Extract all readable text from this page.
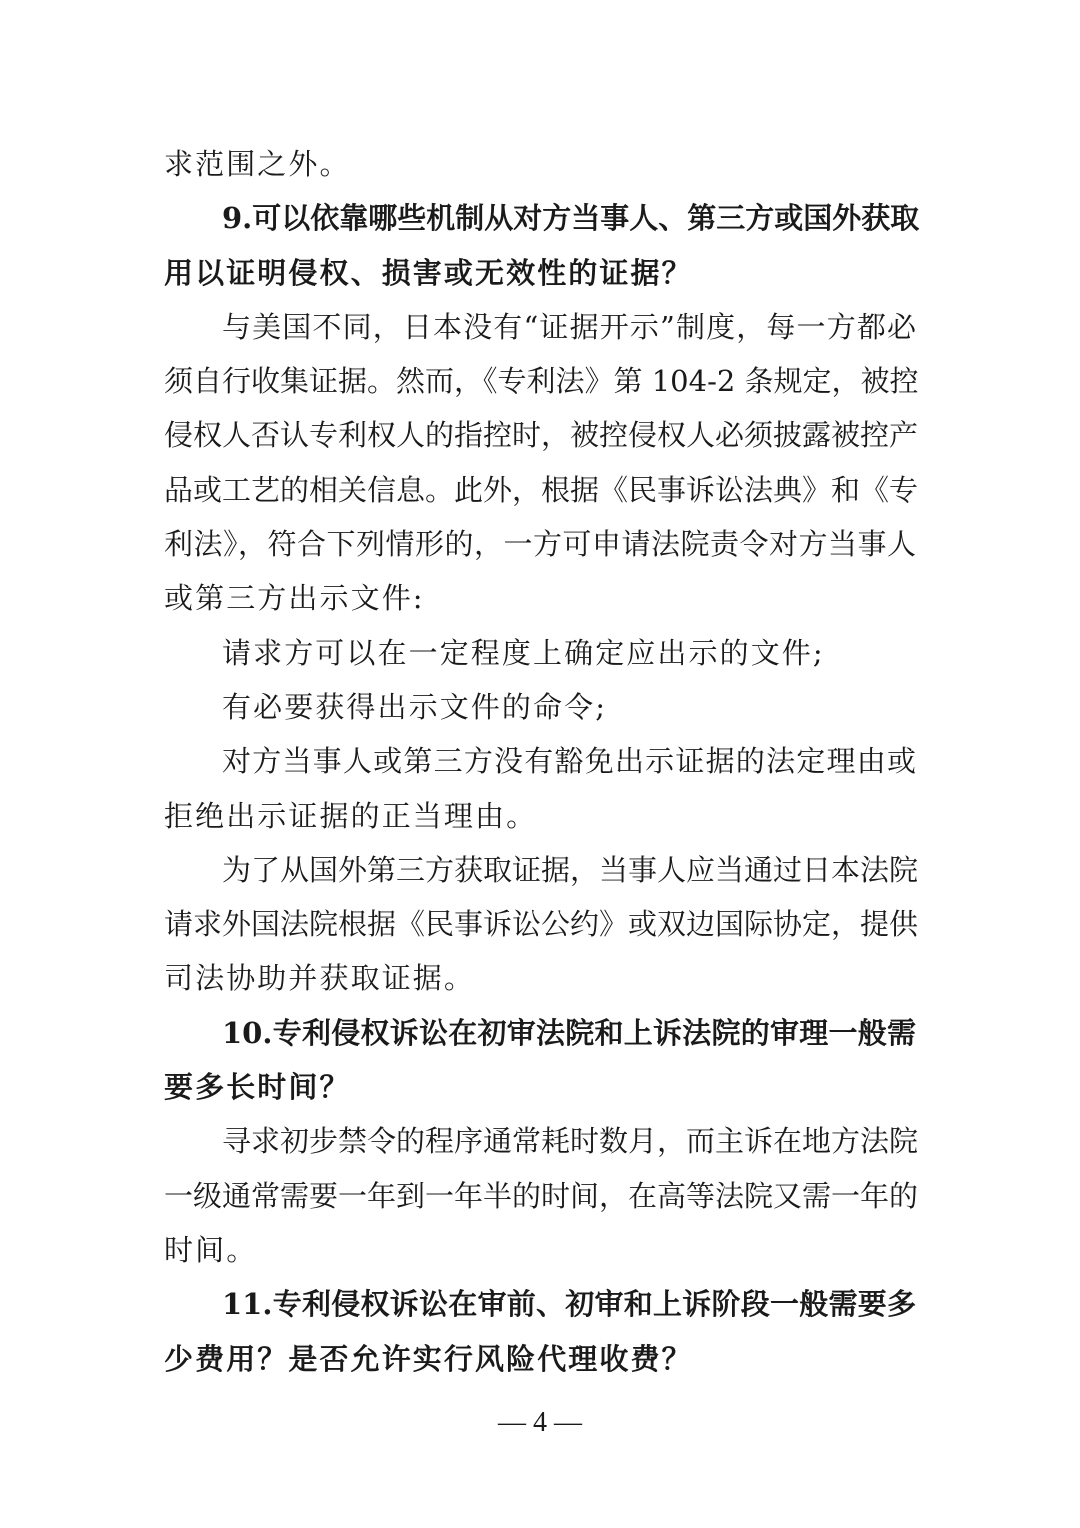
求范围之外。
9.可以依靠哪些机制从对方当事人、第三方或国外获取
用以证明侵权、损害或无效性的证据？
与美国不同，日本没有“证据开示”制度，每一方都必
须自行收集证据。然而，《专利法》第 104-2 条规定，被控
侵权人否认专利权人的指控时，被控侵权人必须披露被控产
品或工艺的相关信息。此外，根据《民事诉讼法典》和《专
利法》，符合下列情形的，一方可申请法院责令对方当事人
或第三方出示文件:
请求方可以在一定程度上确定应出示的文件;
有必要获得出示文件的命令;
对方当事人或第三方没有豁免出示证据的法定理由或
拒绝出示证据的正当理由。
为了从国外第三方获取证据，当事人应当通过日本法院
请求外国法院根据《民事诉讼公约》或双边国际协定，提供
司法协助并获取证据。
10.专利侵权诉讼在初审法院和上诉法院的审理一般需
要多长时间？
寻求初步禁令的程序通常耗时数月，而主诉在地方法院
一级通常需要一年到一年半的时间，在高等法院又需一年的
时间。
11.专利侵权诉讼在审前、初审和上诉阶段一般需要多
少费用？是否允许实行风险代理收费？
— 4 —
